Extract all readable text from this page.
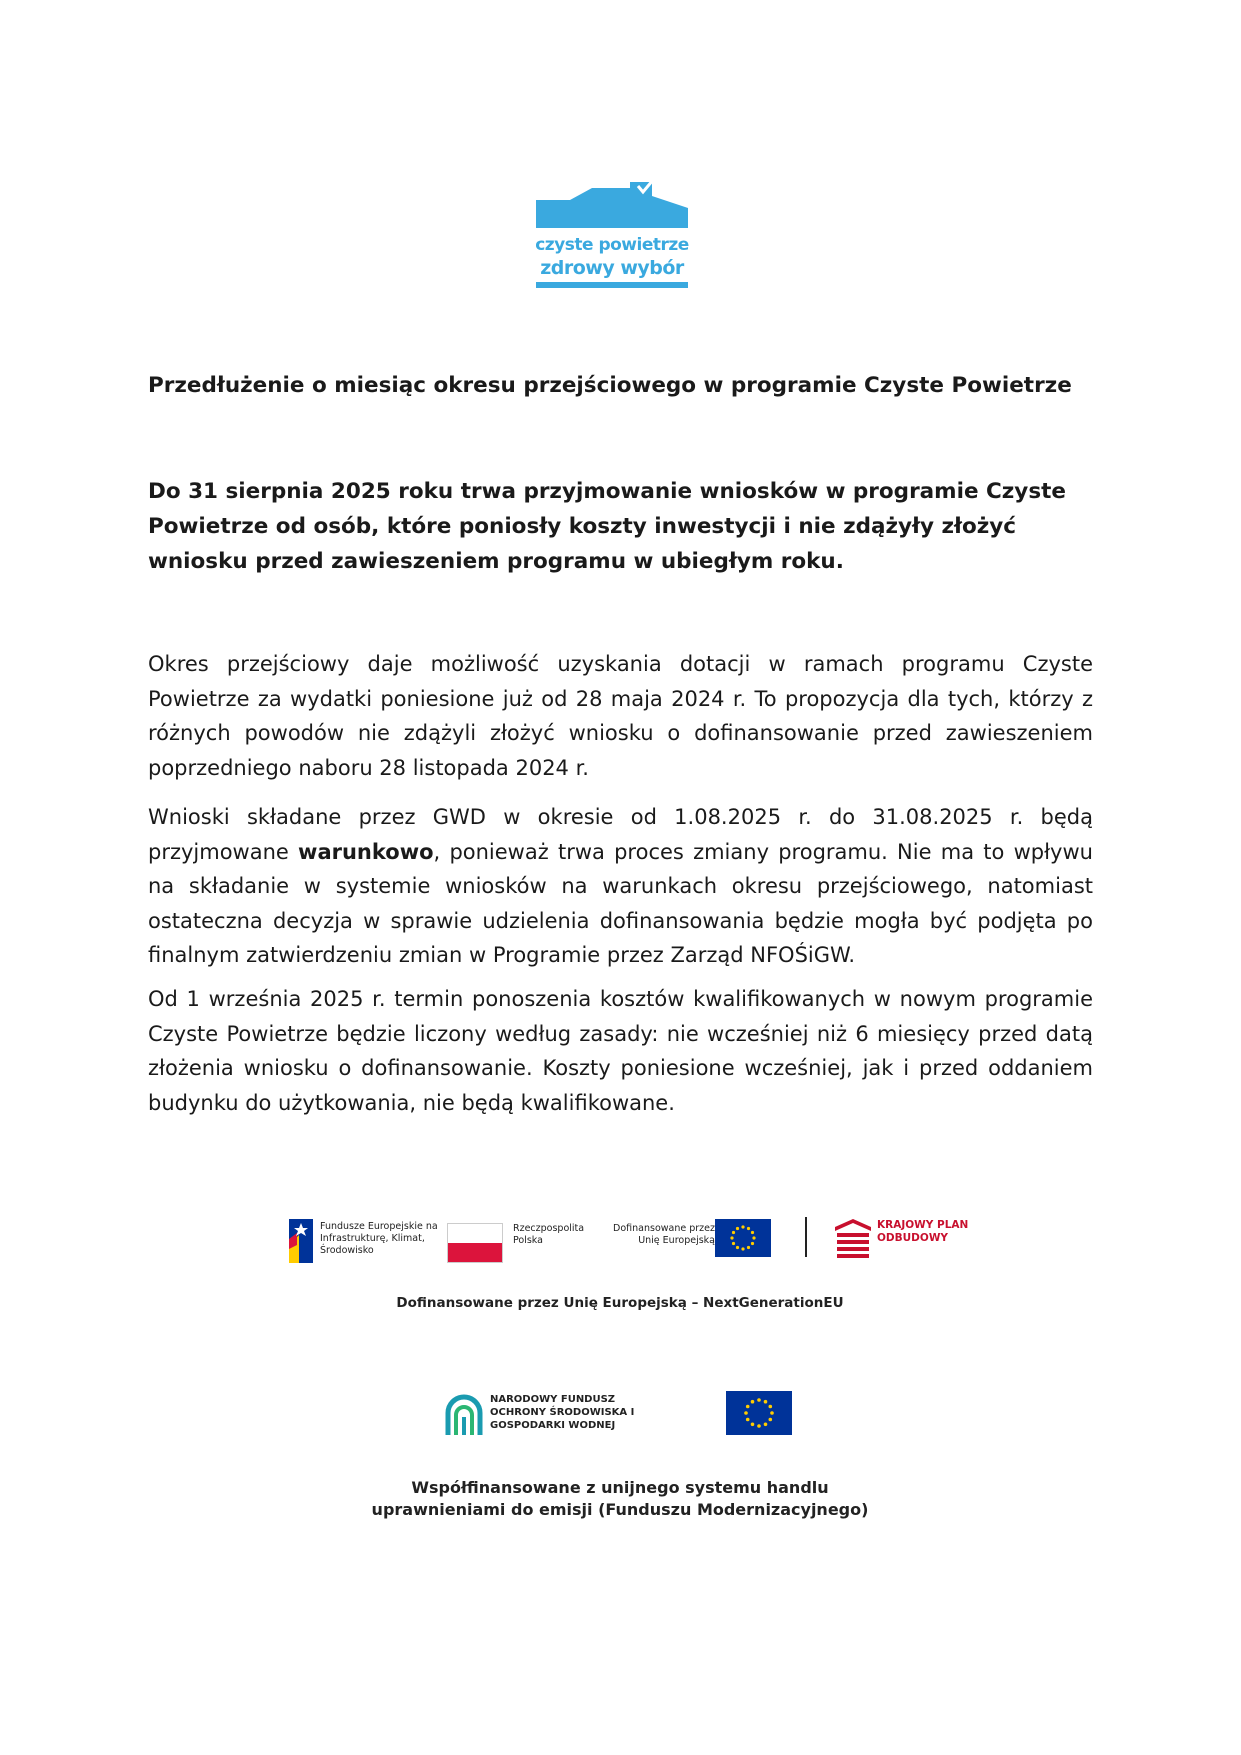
czyste powietrze
zdrowy wybór
Przedłużenie o miesiąc okresu przejściowego w programie Czyste Powietrze

Do 31 sierpnia 2025 roku trwa przyjmowanie wniosków w programie Czyste Powietrze od osób, które poniosły koszty inwestycji i nie zdążyły złożyć wniosku przed zawieszeniem programu w ubiegłym roku.

Okres przejściowy daje możliwość uzyskania dotacji w ramach programu Czyste Powietrze za wydatki poniesione już od 28 maja 2024 r. To propozycja dla tych, którzy z różnych powodów nie zdążyli złożyć wniosku o dofinansowanie przed zawieszeniem poprzedniego naboru 28 listopada 2024 r.

Wnioski składane przez GWD w okresie od 1.08.2025 r. do 31.08.2025 r. będą przyjmowane warunkowo, ponieważ trwa proces zmiany programu. Nie ma to wpływu na składanie w systemie wniosków na warunkach okresu przejściowego, natomiast ostateczna decyzja w sprawie udzielenia dofinansowania będzie mogła być podjęta po finalnym zatwierdzeniu zmian w Programie przez Zarząd NFOŚiGW.

Od 1 września 2025 r. termin ponoszenia kosztów kwalifikowanych w nowym programie Czyste Powietrze będzie liczony według zasady: nie wcześniej niż 6 miesięcy przed datą złożenia wniosku o dofinansowanie. Koszty poniesione wcześniej, jak i przed oddaniem budynku do użytkowania, nie będą kwalifikowane.

Fundusze Europejskie na Infrastrukturę, Klimat, Środowisko
Rzeczpospolita Polska
Dofinansowane przez Unię Europejską
KRAJOWY PLAN ODBUDOWY
Dofinansowane przez Unię Europejską – NextGenerationEU
NARODOWY FUNDUSZ OCHRONY ŚRODOWISKA I GOSPODARKI WODNEJ
Współfinansowane z unijnego systemu handlu
uprawnieniami do emisji (Funduszu Modernizacyjnego)
